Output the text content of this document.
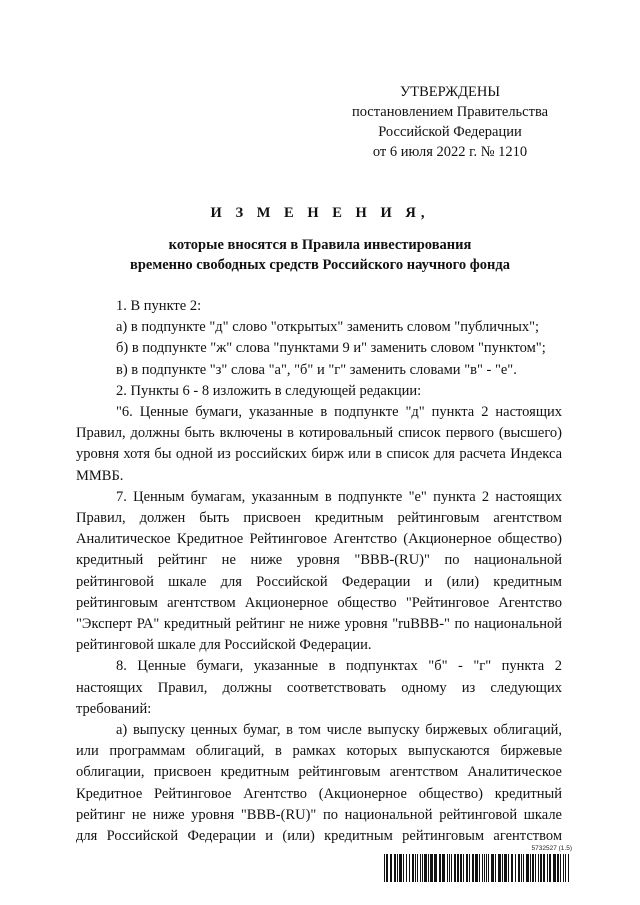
УТВЕРЖДЕНЫ
постановлением Правительства
Российской Федерации
от 6 июля 2022 г. № 1210
И З М Е Н Е Н И Я,
которые вносятся в Правила инвестирования
временно свободных средств Российского научного фонда

1. В пункте 2:

а) в подпункте "д" слово "открытых" заменить словом "публичных";

б) в подпункте "ж" слова "пунктами 9 и" заменить словом "пунктом";

в) в подпункте "з" слова "а", "б" и "г" заменить словами "в" - "е".

2. Пункты 6 - 8 изложить в следующей редакции:

"6. Ценные бумаги, указанные в подпункте "д" пункта 2 настоящих Правил, должны быть включены в котировальный список первого (высшего) уровня хотя бы одной из российских бирж или в список для расчета Индекса ММВБ.

7. Ценным бумагам, указанным в подпункте "е" пункта 2 настоящих Правил, должен быть присвоен кредитным рейтинговым агентством Аналитическое Кредитное Рейтинговое Агентство (Акционерное общество) кредитный рейтинг не ниже уровня "BBB-(RU)" по национальной рейтинговой шкале для Российской Федерации и (или) кредитным рейтинговым агентством Акционерное общество "Рейтинговое Агентство "Эксперт РА" кредитный рейтинг не ниже уровня "ruBBB-" по национальной рейтинговой шкале для Российской Федерации.

8. Ценные бумаги, указанные в подпунктах "б" - "г" пункта 2 настоящих Правил, должны соответствовать одному из следующих требований:

а) выпуску ценных бумаг, в том числе выпуску биржевых облигаций, или программам облигаций, в рамках которых выпускаются биржевые облигации, присвоен кредитным рейтинговым агентством Аналитическое Кредитное Рейтинговое Агентство (Акционерное общество) кредитный рейтинг не ниже уровня "BBB-(RU)" по национальной рейтинговой шкале для Российской Федерации и (или) кредитным рейтинговым агентством

5732527 (1.5)
